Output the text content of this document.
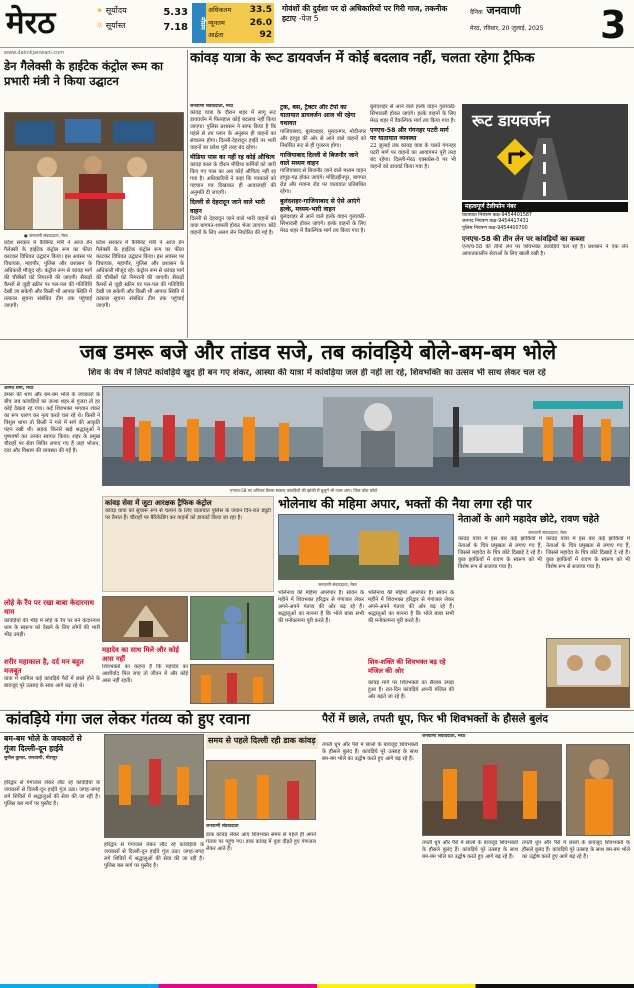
मेरठ	☀ सूर्योदय	5.33
☼ सूर्यास्त	7.18	मौसम
अधिकतम 33.5
न्यूनतम	26.0
आर्द्रता	92
गोवंशों की दुर्दशा पर दो अधिकारियों पर गिरी गाज, तकनीक हटाए -पेज 5
दैनिक जनवाणी
मेरठ, रविवार, 20 जुलाई, 2025	3
www.dainikjanwani.com
डेन गैलेक्सी के हाईटेक कंट्रोल रूम का प्रभारी मंत्री ने किया उद्घाटन
● जनवाणी संवाददाता, मेरठ
प्रदेश सरकार में कैबिनेट मंत्री ने आज डेन गैलेक्सी के हाईटेक कंट्रोल रूम का फीता काटकर विधिवत उद्घाटन किया। इस अवसर पर विधायक, महापौर, पुलिस और प्रशासन के अधिकारी मौजूद रहे। कंट्रोल रूम से कांवड़ मार्ग की चौबीसों घंटे निगरानी की जाएगी। सैकड़ों कैमरों से जुड़ी स्क्रीन पर पल-पल की गतिविधि देखी जा सकेगी और किसी भी आपात स्थिति में तत्काल सूचना संबंधित टीम तक पहुंचाई जाएगी।
प्रदेश सरकार में कैबिनेट मंत्री ने आज डेन गैलेक्सी के हाईटेक कंट्रोल रूम का फीता काटकर विधिवत उद्घाटन किया। इस अवसर पर विधायक, महापौर, पुलिस और प्रशासन के अधिकारी मौजूद रहे। कंट्रोल रूम से कांवड़ मार्ग की चौबीसों घंटे निगरानी की जाएगी। सैकड़ों कैमरों से जुड़ी स्क्रीन पर पल-पल की गतिविधि देखी जा सकेगी और किसी भी आपात स्थिति में तत्काल सूचना संबंधित टीम तक पहुंचाई जाएगी।
कांवड़ यात्रा के रूट डायवर्जन में कोई बदलाव नहीं, चलता रहेगा ट्रैफिक
जनवाणी संवाददाता, मेरठ
कांवड़ यात्रा के दौरान शहर में लागू रूट डायवर्जन में फिलहाल कोई बदलाव नहीं किया जाएगा। पुलिस प्रशासन ने साफ किया है कि पहले से तय प्लान के अनुसार ही वाहनों का संचालन होगा। दिल्ली-देहरादून हाईवे पर भारी वाहनों का प्रवेश पूरी तरह बंद रहेगा।
मीडिया पास का नहीं रह कोई औचित्य
कांवड़ काल के दौरान मीडिया कर्मियों को जारी किए गए पास का अब कोई औचित्य नहीं रह गया है। अधिकारियों ने कहा कि पत्रकारों को पहचान पत्र दिखाकर ही आवाजाही की अनुमति दी जाएगी।
दिल्ली से देहरादून जाने वाले भारी वाहन
दिल्ली से देहरादून जाने वाले भारी वाहनों को वाया बागपत-शामली होकर भेजा जाएगा। छोटे वाहनों के लिए अलग लेन निर्धारित की गई है।
ट्रक, बस, ट्रैक्टर और टेंपो का यातायात डायवर्जन आज भी रहेगा यथावत
गाजियाबाद, बुलंदशहर, मुरादनगर, मोदीनगर और हापुड़ की ओर से आने वाले वाहनों को निर्धारित रूट से ही गुजरना होगा।
गाजियाबाद दिल्ली से बिजनौर जाने वाले मध्यम वाहन
गाजियाबाद से बिजनौर जाने वाले मध्यम वाहन हापुड़-गढ़ होकर जाएंगे। मोहिउद्दीनपुर, बागपत रोड और मवाना रोड पर यातायात प्रतिबंधित रहेगा।
बुलंदशहर-गाजियाबाद से ऐसे आएंगे हल्के, मध्यम-भारी वाहन
बुलंदशहर से आने वाले हल्के वाहन गुलावठी-सिंभावली होकर जाएंगे। हल्के वाहनों के लिए मेरठ शहर में वैकल्पिक मार्ग तय किया गया है।
बुलंदशहर से आने वाले हल्के वाहन गुलावठी-सिंभावली होकर जाएंगे। हल्के वाहनों के लिए मेरठ शहर में वैकल्पिक मार्ग तय किया गया है।
एनएच-58 और गंगनहर पटरी मार्ग पर यातायात व्यवस्था
22 जुलाई तक कांवड़ यात्रा के चलते गंगनहर पटरी मार्ग पर वाहनों का आवागमन पूरी तरह बंद रहेगा। दिल्ली-मेरठ एक्सप्रेस-वे पर भी वाहनों को डायवर्ट किया गया है।
रूट डायवर्जन
महत्वपूर्ण टेलीफोन नंबर
यातायात नियंत्रण कक्ष-9454401587
जनपद नियंत्रण कक्ष-9454417431
पुलिस नियंत्रण कक्ष-9454400700
एनएच-58 की तीन लेन पर कांवड़ियों का कब्जा
एनएच-58 की तीनों लेन पर शिवभक्त कांवड़िये चल रहे हैं। प्रशासन ने एक लेन आपातकालीन सेवाओं के लिए खाली रखी है।
जब डमरू बजे और तांडव सजे, तब कांवड़िये बोले-बम-बम भोले
शिव के वेष में लिपटे कांवड़िये खुद ही बन गए शंकर, आस्था की यात्रा में कांवड़िया जल ही नहीं ला रहे, शिवभक्ति का उत्सव भी साथ लेकर चल रहे
अमित शर्मा, मेरठ
डमरू की थाप और बम-बम भोले के जयकारों के बीच जब कांवड़ियों का जत्था शहर से गुजरा तो हर कोई देखता रह गया। कई शिवभक्त भगवान शंकर का रूप धारण कर नृत्य करते चल रहे थे। किसी ने त्रिशूल थामा तो किसी ने गले में सर्प की आकृति पहन रखी थी। सड़क किनारे खड़े श्रद्धालुओं ने पुष्पवर्षा कर उनका स्वागत किया। शहर के प्रमुख चौराहों पर सेवा शिविर लगाए गए हैं जहां भोजन, दवा और विश्राम की व्यवस्था की गई है।
लोहे के रैंप पर रखा बाबा केदारनाथ धाम
कांवड़ियों की भीड़ में लोहे के रैंप पर बने केदारनाथ धाम के स्वरूप को देखने के लिए लोगों की भारी भीड़ उमड़ी।
शरीर महाकाल है, दर्द मन बहुत मजबूत
यात्रा में शामिल कई कांवड़िये पैरों में छाले होने के बावजूद पूरे उत्साह के साथ आगे बढ़ रहे थे।
एनएच-58 पर शनिवार कैमरा स्वरूप कांवड़ियों की झांकी में बुजुर्ग भी नजर आए। जिल वॉक फोटो
कांवड़ सेवा में जुटा आरक्षक ट्रैफिक कंट्रोल
कांवड़ यात्रा को सुचारू रूप से चलाने के लिए यातायात पुलिस के जवान दिन-रात ड्यूटी पर तैनात हैं। चौराहों पर बैरिकेडिंग कर वाहनों को डायवर्ट किया जा रहा है।
महादेव का साथ मिले और कोई आस नहीं
शिवभक्तों का कहना है कि महादेव का आशीर्वाद मिल जाए तो जीवन में और कोई आस नहीं रहती।
भोलेनाथ की महिमा अपार, भक्तों की नैया लगा रही पार
जनवाणी संवाददाता, मेरठ
भोलेनाथ की महिमा अपरंपार है। सावन के महीने में शिवभक्त हरिद्वार से गंगाजल लेकर अपने-अपने गंतव्य की ओर बढ़ रहे हैं। श्रद्धालुओं का मानना है कि भोले बाबा सभी की मनोकामना पूरी करते हैं।
भोलेनाथ की महिमा अपरंपार है। सावन के महीने में शिवभक्त हरिद्वार से गंगाजल लेकर अपने-अपने गंतव्य की ओर बढ़ रहे हैं। श्रद्धालुओं का मानना है कि भोले बाबा सभी की मनोकामना पूरी करते हैं।
शिव-शक्ति की शिवभक्त बढ़ रहे मंजिल की ओर
कांवड़ मार्ग पर शिवभक्तों का सैलाब उमड़ा हुआ है। रात-दिन कांवड़िये अपनी मंजिल की ओर बढ़ते जा रहे हैं।
नेताओं के आगे महादेव छोटे, रावण चहेते
जनवाणी संवाददाता, मेरठ
कांवड़ यात्रा में इस बार कई झांकियों में नेताओं के चित्र प्रमुखता से लगाए गए हैं, जिससे महादेव के चित्र छोटे दिखाई दे रहे हैं। कुछ झांकियों में रावण के स्वरूप को भी विशेष रूप से सजाया गया है।
कांवड़ यात्रा में इस बार कई झांकियों में नेताओं के चित्र प्रमुखता से लगाए गए हैं, जिससे महादेव के चित्र छोटे दिखाई दे रहे हैं। कुछ झांकियों में रावण के स्वरूप को भी विशेष रूप से सजाया गया है।
कांवड़िये गंगा जल लेकर गंतव्य को हुए रवाना	पैरों में छाले, तपती धूप, फिर भी शिवभक्तों के हौसले बुलंद
बम-बम भोले के जयकारों से गूंजा दिल्ली-दून हाईवे
सुनील कुमार, जनवाणी, मीरापुर
हरिद्वार से गंगाजल लेकर लौट रहे कांवड़ियों के जयकारों से दिल्ली-दून हाईवे गूंज उठा। जगह-जगह लगे शिविरों में श्रद्धालुओं की सेवा की जा रही है। पुलिस बल मार्ग पर मुस्तैद है।
हरिद्वार से गंगाजल लेकर लौट रहे कांवड़ियों के जयकारों से दिल्ली-दून हाईवे गूंज उठा। जगह-जगह लगे शिविरों में श्रद्धालुओं की सेवा की जा रही है। पुलिस बल मार्ग पर मुस्तैद है।
समय से पहले दिल्ली रही डाक कांवड़
जनवाणी संवाददाता
डाक कांवड़ लेकर आए शिवभक्त समय से पहले ही अपने गंतव्य पर पहुंच गए। डाक कांवड़ में युवा दौड़ते हुए गंगाजल लेकर आते हैं।
जनवाणी संवाददाता, मेरठ
तपती धूप और पैरों में छालों के बावजूद शिवभक्तों के हौसले बुलंद हैं। कांवड़िये पूरे उत्साह के साथ बम-बम भोले का उद्घोष करते हुए आगे बढ़ रहे हैं।
तपती धूप और पैरों में छालों के बावजूद शिवभक्तों के हौसले बुलंद हैं। कांवड़िये पूरे उत्साह के साथ बम-बम भोले का उद्घोष करते हुए आगे बढ़ रहे हैं।
तपती धूप और पैरों में छालों के बावजूद शिवभक्तों के हौसले बुलंद हैं। कांवड़िये पूरे उत्साह के साथ बम-बम भोले का उद्घोष करते हुए आगे बढ़ रहे हैं।
